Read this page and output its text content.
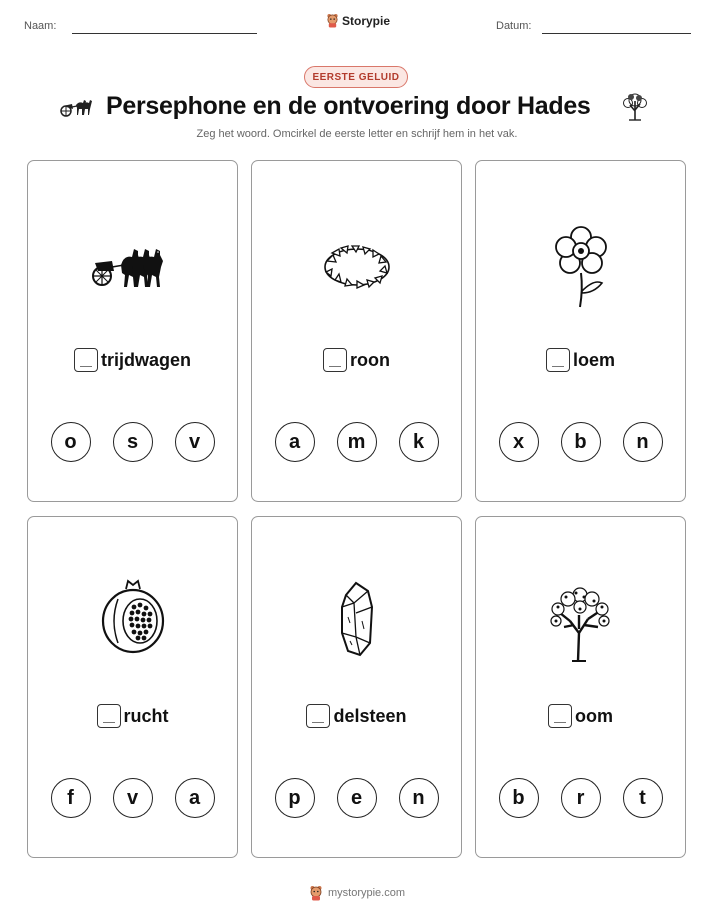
Naam:	Storypie	Datum:
EERSTE GELUID
Persephone en de ontvoering door Hades
Zeg het woord. Omcirkel de eerste letter en schrijf hem in het vak.
trijdwagen
o	s	v
roon
a	m	k
loem
x	b	n
rucht
f	v	a
delsteen
p	e	n
oom
b	r	t
mystorypie.com
